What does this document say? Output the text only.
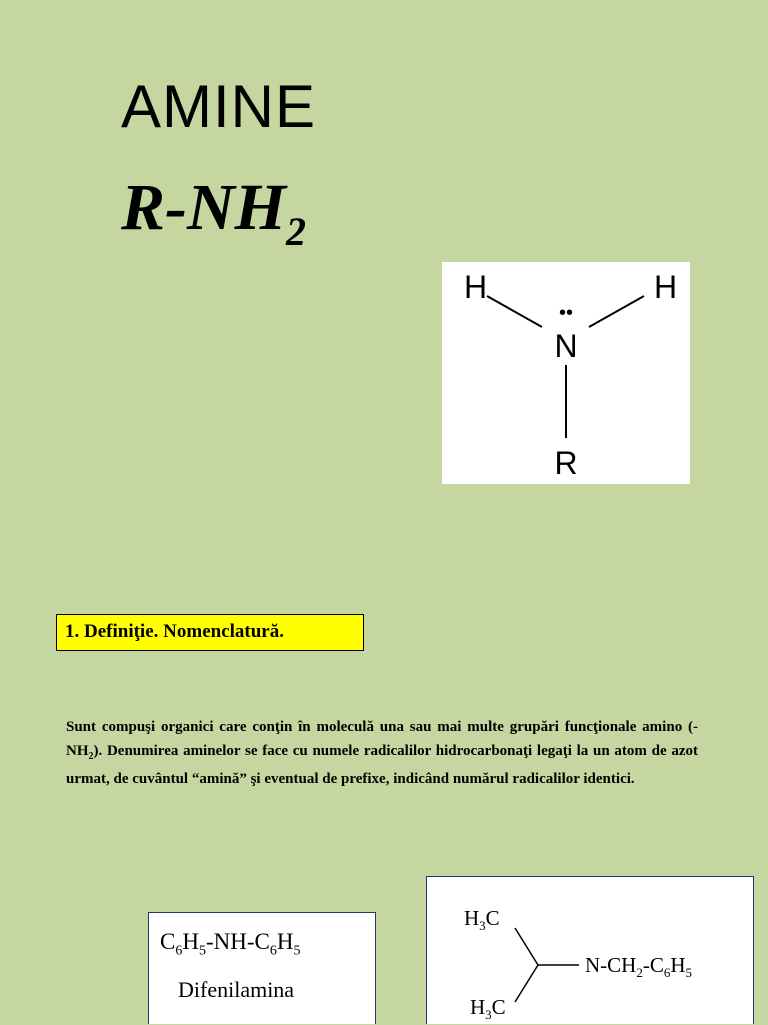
AMINE
$R-NH_2$
H	H
••
N
R
1. Definiţie. Nomenclatură.
Sunt compuşi organici care conţin în moleculă una sau mai multe grupări funcţionale amino $(-NH_2)$. Denumirea aminelor se face cu numele radicalilor hidrocarbonaţi legaţi la un atom de azot urmat, de cuvântul “amină” şi eventual de prefixe, indicând numărul radicalilor identici.
$C_6H_5-NH-C_6H_5$
Difenilamina
$H_3C$
$H_3C$
$N-CH_2-C_6H_5$
